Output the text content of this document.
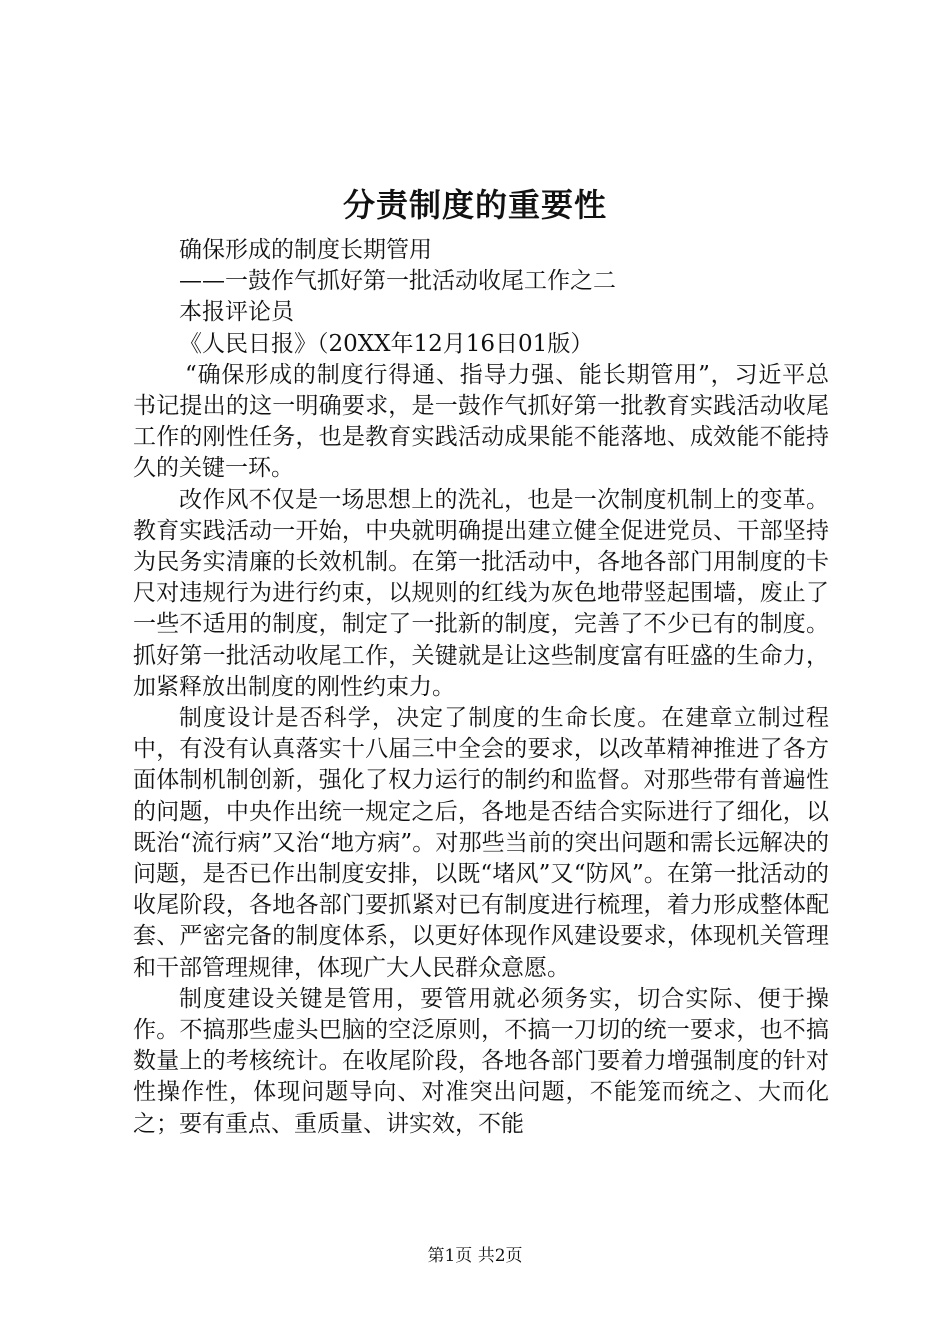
分责制度的重要性

确保形成的制度长期管用

——一鼓作气抓好第一批活动收尾工作之二

本报评论员

《人民日报》（20XX年12月16日01版）

“确保形成的制度行得通、指导力强、能长期管用”，习近平总书记提出的这一明确要求，是一鼓作气抓好第一批教育实践活动收尾工作的刚性任务，也是教育实践活动成果能不能落地、成效能不能持久的关键一环。

改作风不仅是一场思想上的洗礼，也是一次制度机制上的变革。教育实践活动一开始，中央就明确提出建立健全促进党员、干部坚持为民务实清廉的长效机制。在第一批活动中，各地各部门用制度的卡尺对违规行为进行约束，以规则的红线为灰色地带竖起围墙，废止了一些不适用的制度，制定了一批新的制度，完善了不少已有的制度。抓好第一批活动收尾工作，关键就是让这些制度富有旺盛的生命力，加紧释放出制度的刚性约束力。

制度设计是否科学，决定了制度的生命长度。在建章立制过程中，有没有认真落实十八届三中全会的要求，以改革精神推进了各方面体制机制创新，强化了权力运行的制约和监督。对那些带有普遍性的问题，中央作出统一规定之后，各地是否结合实际进行了细化，以既治“流行病”又治“地方病”。对那些当前的突出问题和需长远解决的问题，是否已作出制度安排，以既“堵风”又“防风”。在第一批活动的收尾阶段，各地各部门要抓紧对已有制度进行梳理，着力形成整体配套、严密完备的制度体系，以更好体现作风建设要求，体现机关管理和干部管理规律，体现广大人民群众意愿。

制度建设关键是管用，要管用就必须务实，切合实际、便于操作。不搞那些虚头巴脑的空泛原则，不搞一刀切的统一要求，也不搞数量上的考核统计。在收尾阶段，各地各部门要着力增强制度的针对性操作性，体现问题导向、对准突出问题，不能笼而统之、大而化之；要有重点、重质量、讲实效，不能

第1页 共2页
